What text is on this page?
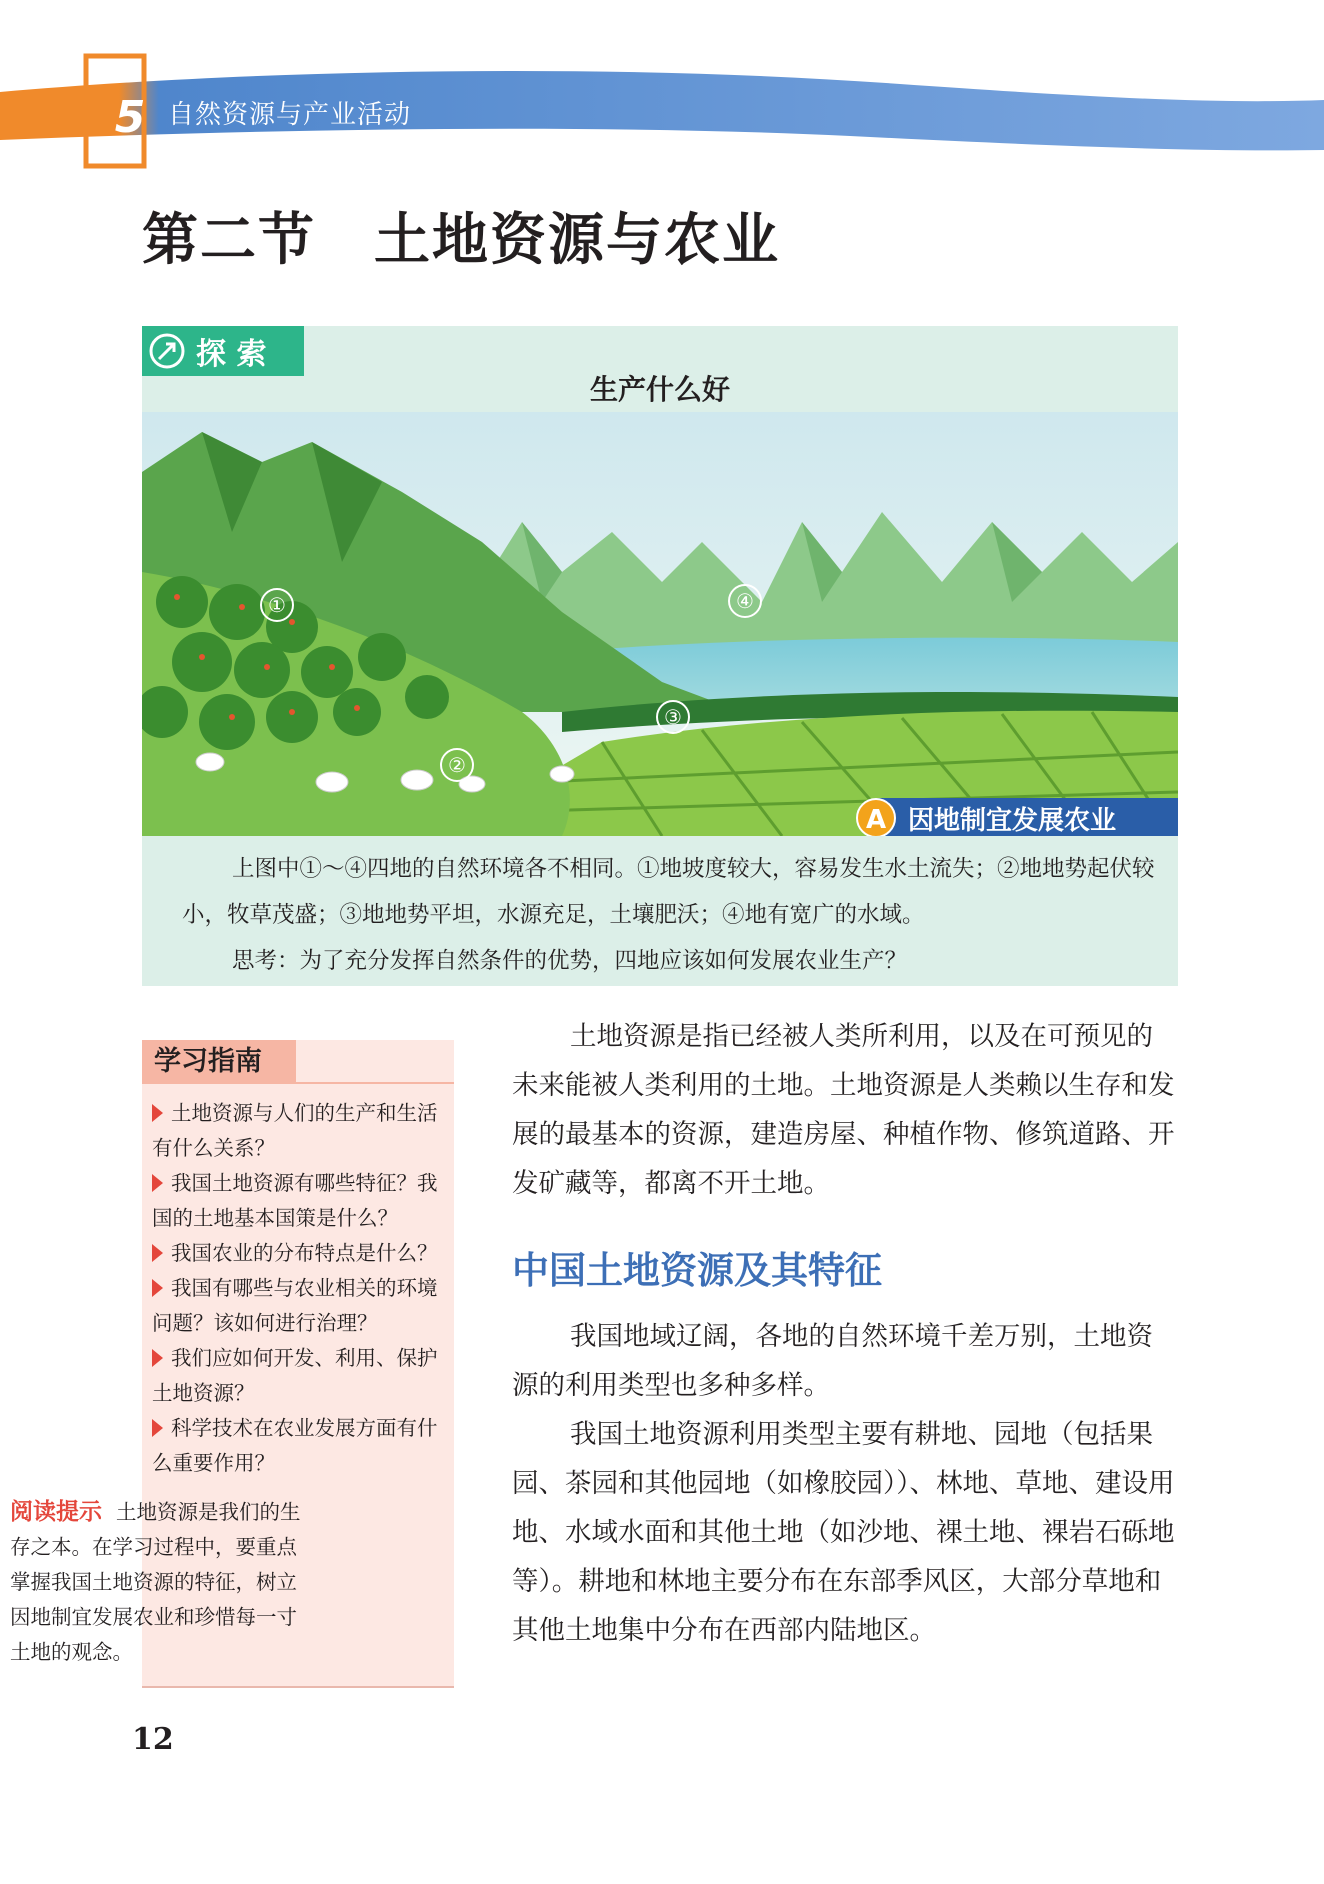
5 自然资源与产业活动
第二节　土地资源与农业
探 索
生产什么好
①
②
③
④
A 因地制宜发展农业

上图中①～④四地的自然环境各不相同。①地坡度较大，容易发生水土流失；②地地势起伏较小，牧草茂盛；③地地势平坦，水源充足，土壤肥沃；④地有宽广的水域。

思考：为了充分发挥自然条件的优势，四地应该如何发展农业生产？

学习指南
土地资源与人们的生产和生活有什么关系？
我国土地资源有哪些特征？我国的土地基本国策是什么？
我国农业的分布特点是什么？
我国有哪些与农业相关的环境问题？该如何进行治理？
我们应如何开发、利用、保护土地资源？
科学技术在农业发展方面有什么重要作用？
阅读提示 土地资源是我们的生存之本。在学习过程中，要重点掌握我国土地资源的特征，树立因地制宜发展农业和珍惜每一寸土地的观念。

土地资源是指已经被人类所利用，以及在可预见的未来能被人类利用的土地。土地资源是人类赖以生存和发展的最基本的资源，建造房屋、种植作物、修筑道路、开发矿藏等，都离不开土地。

中国土地资源及其特征

我国地域辽阔，各地的自然环境千差万别，土地资源的利用类型也多种多样。

我国土地资源利用类型主要有耕地、园地（包括果园、茶园和其他园地（如橡胶园））、林地、草地、建设用地、水域水面和其他土地（如沙地、裸土地、裸岩石砾地等）。耕地和林地主要分布在东部季风区，大部分草地和其他土地集中分布在西部内陆地区。

12
